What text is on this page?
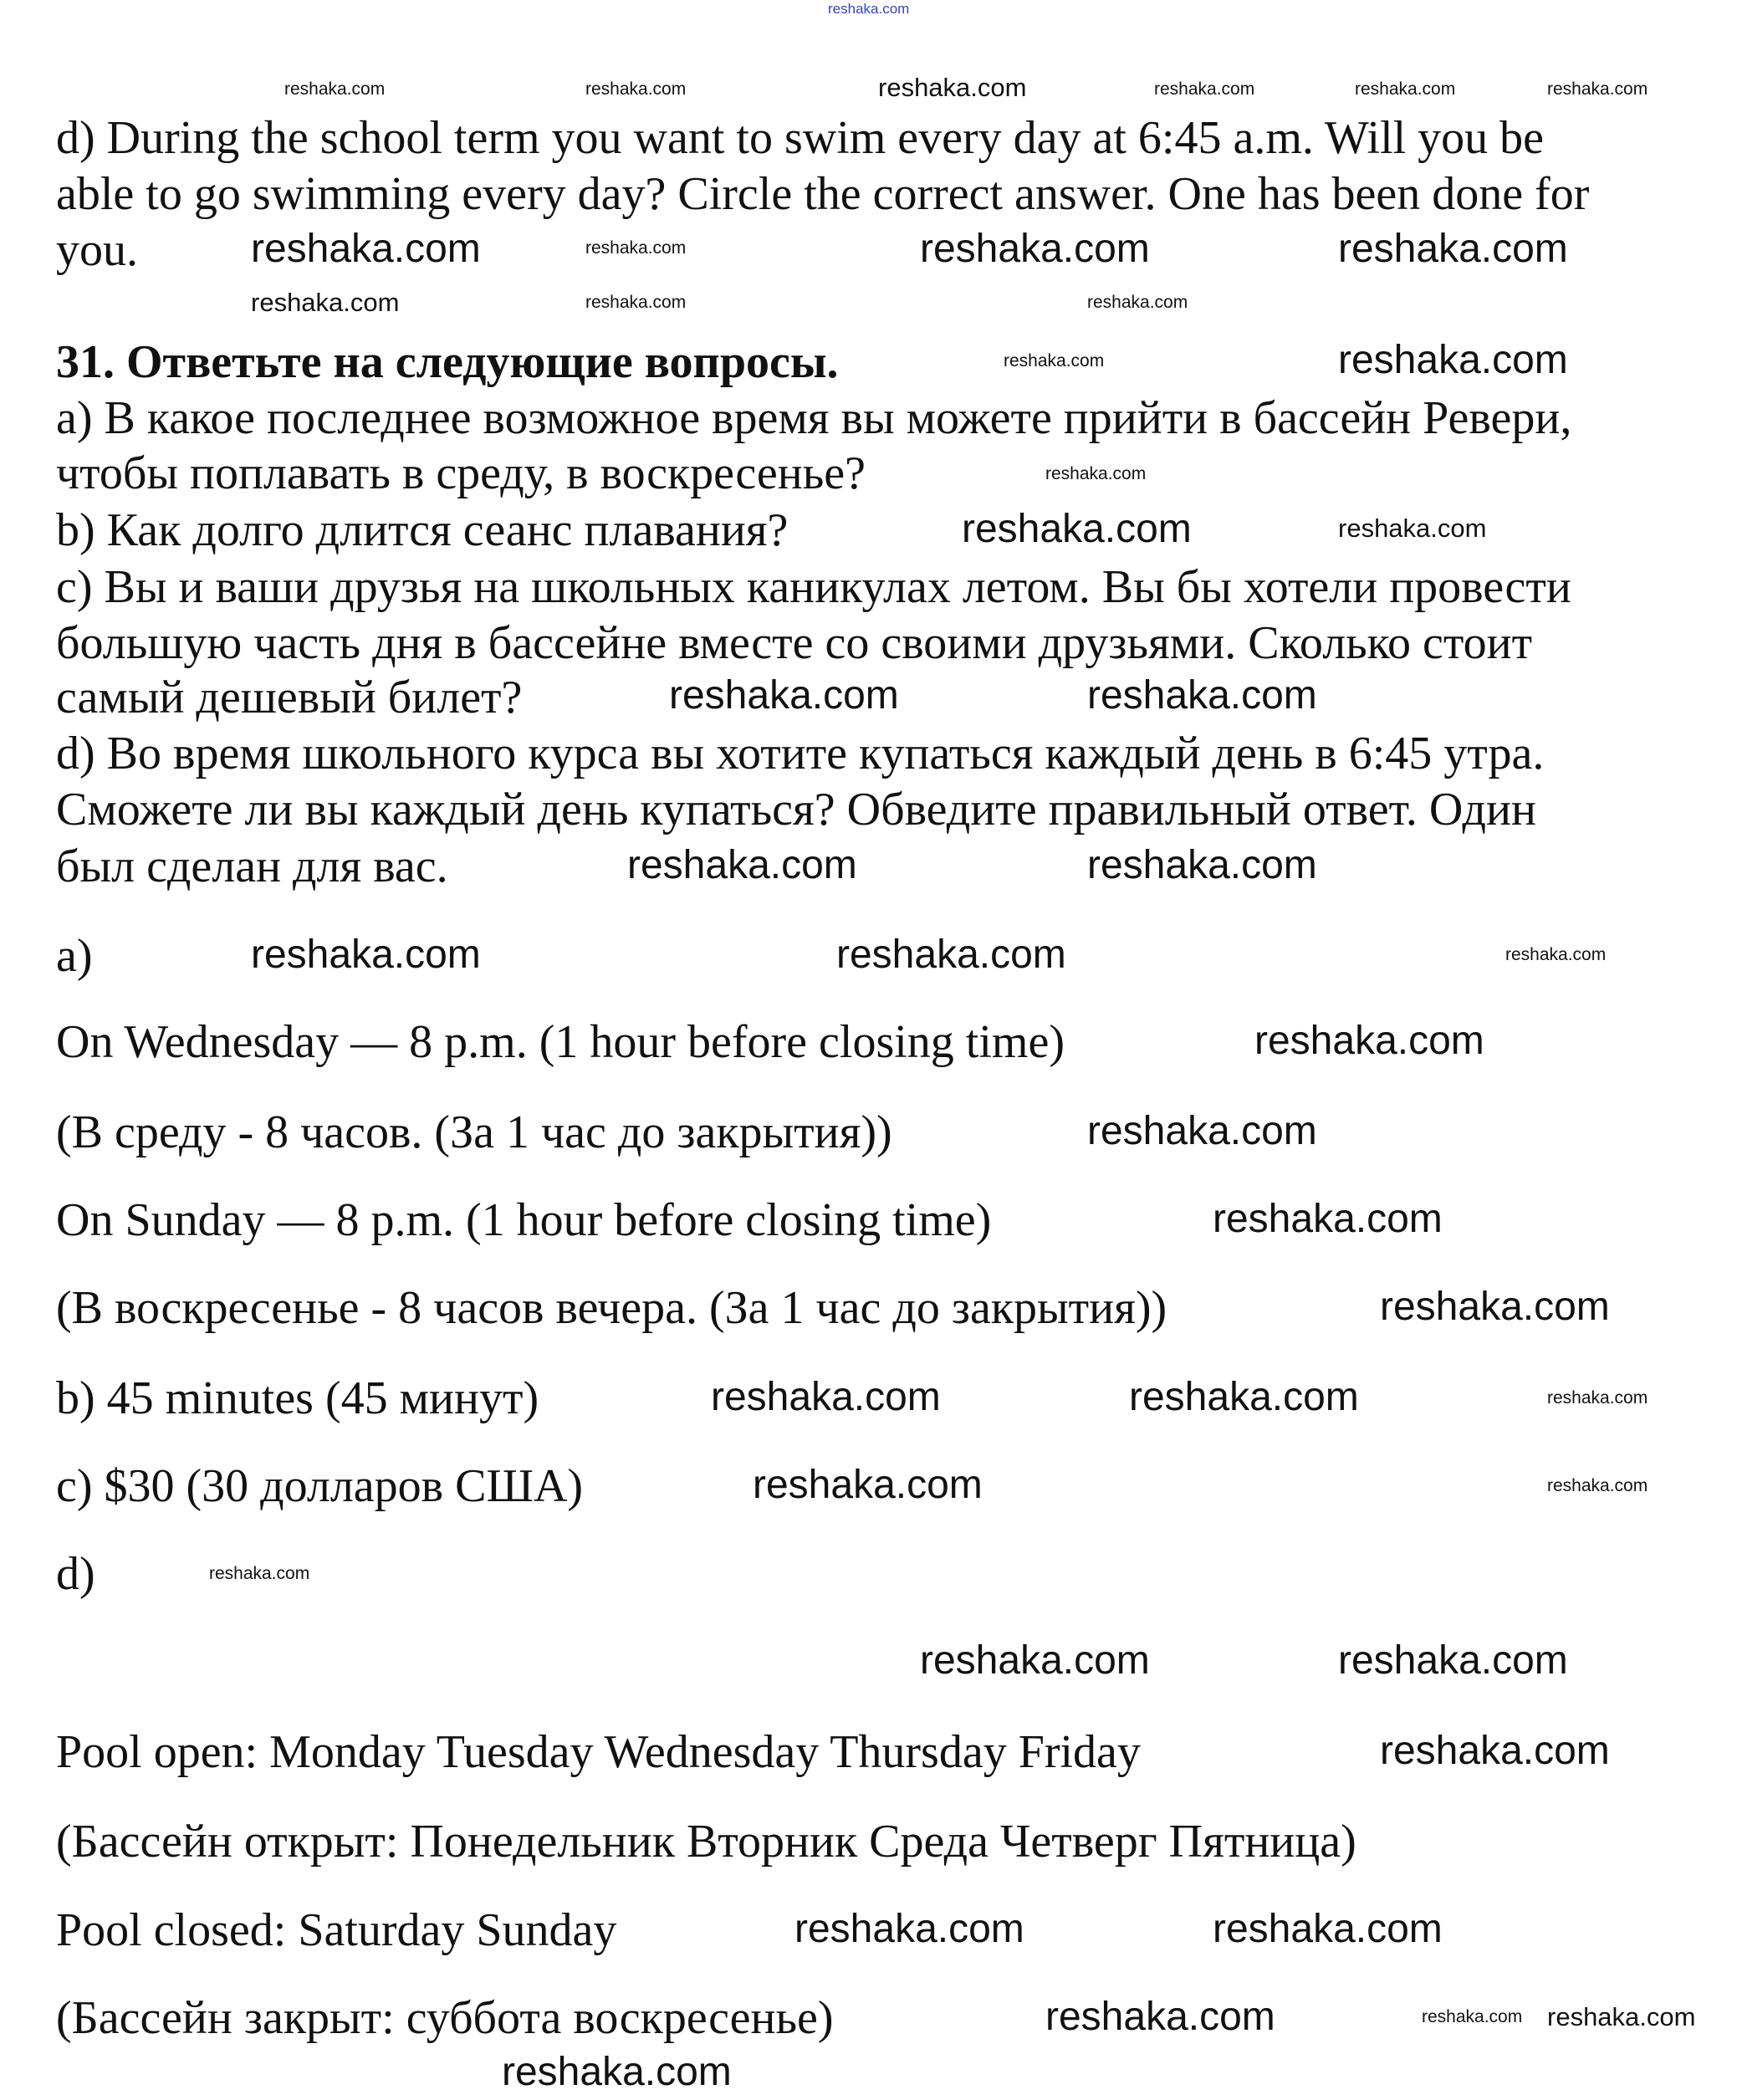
d) During the school term you want to swim every day at 6:45 a.m. Will you be
able to go swimming every day? Circle the correct answer. One has been done for
you.
31. Ответьте на следующие вопросы.
a) В какое последнее возможное время вы можете прийти в бассейн Ревери,
чтобы поплавать в среду, в воскресенье?
b) Как долго длится сеанс плавания?
c) Вы и ваши друзья на школьных каникулах летом. Вы бы хотели провести
большую часть дня в бассейне вместе со своими друзьями. Сколько стоит
самый дешевый билет?
d) Во время школьного курса вы хотите купаться каждый день в 6:45 утра.
Сможете ли вы каждый день купаться? Обведите правильный ответ. Один
был сделан для вас.
a)
On Wednesday — 8 p.m. (1 hour before closing time)
(В среду - 8 часов. (За 1 час до закрытия))
On Sunday — 8 p.m. (1 hour before closing time)
(В воскресенье - 8 часов вечера. (За 1 час до закрытия))
b) 45 minutes (45 минут)
c) $30 (30 долларов США)
d)
Pool open: Monday Tuesday Wednesday Thursday Friday
(Бассейн открыт: Понедельник Вторник Среда Четверг Пятница)
Pool closed: Saturday Sunday
(Бассейн закрыт: суббота воскресенье)
reshaka.com
reshaka.com	reshaka.com	reshaka.com	reshaka.com	reshaka.com	reshaka.com
reshaka.com
reshaka.com	reshaka.com	reshaka.com
reshaka.com	reshaka.com
reshaka.com
reshaka.com	reshaka.com
reshaka.com
reshaka.com	reshaka.com
reshaka.com	reshaka.com
reshaka.com	reshaka.com
reshaka.com	reshaka.com
reshaka.com
reshaka.com
reshaka.com
reshaka.com
reshaka.com
reshaka.com
reshaka.com	reshaka.com
reshaka.com
reshaka.com
reshaka.com
reshaka.com	reshaka.com
reshaka.com	reshaka.com
reshaka.com
reshaka.com	reshaka.com reshaka.com
reshaka.com
